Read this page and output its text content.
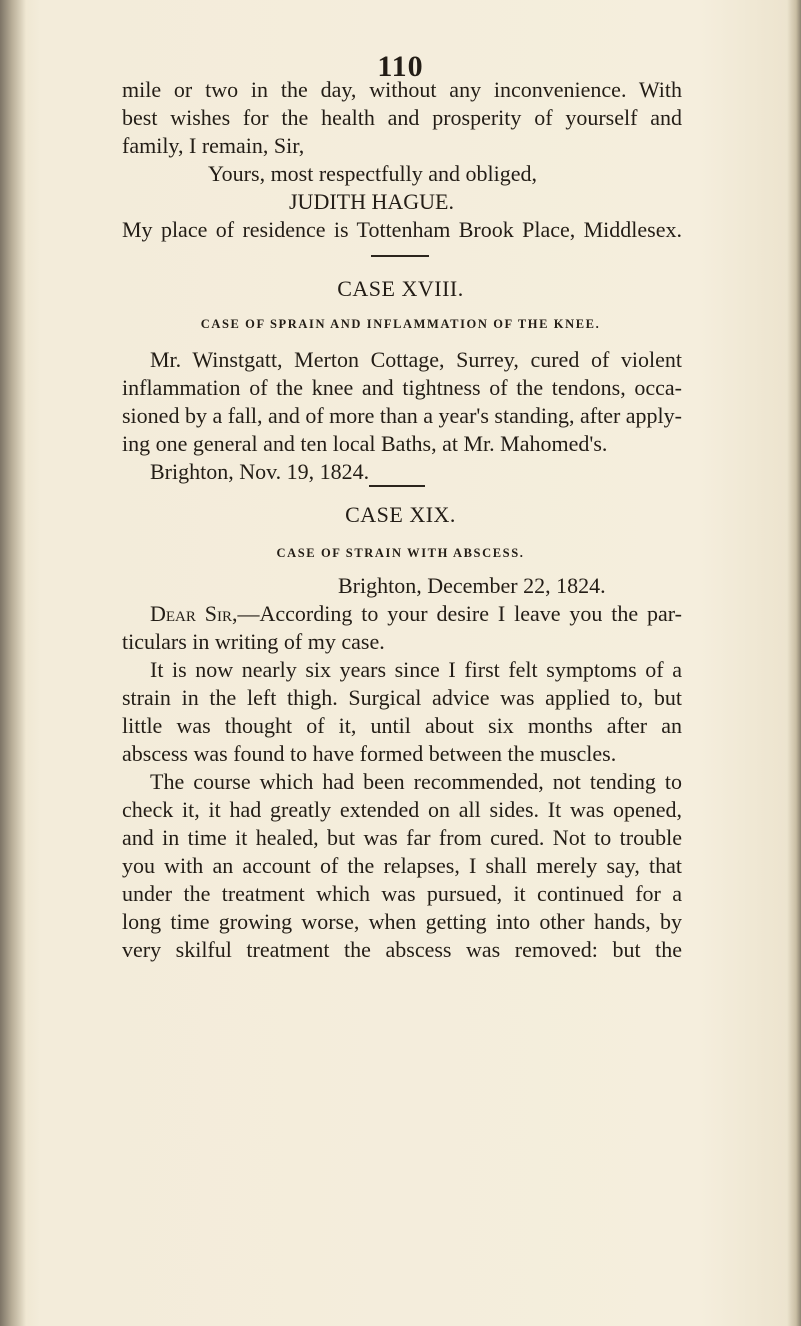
110
mile or two in the day, without any inconvenience. With
best wishes for the health and prosperity of yourself and
family, I remain, Sir,
Yours, most respectfully and obliged,
JUDITH HAGUE.
My place of residence is Tottenham Brook Place, Middlesex.
CASE XVIII.
CASE OF SPRAIN AND INFLAMMATION OF THE KNEE.
Mr. Winstgatt, Merton Cottage, Surrey, cured of violent
inflammation of the knee and tightness of the tendons, occa-
sioned by a fall, and of more than a year's standing, after apply-
ing one general and ten local Baths, at Mr. Mahomed's.
Brighton, Nov. 19, 1824.
CASE XIX.
CASE OF STRAIN WITH ABSCESS.
Brighton, December 22, 1824.
Dear Sir,—According to your desire I leave you the par-
ticulars in writing of my case.
It is now nearly six years since I first felt symptoms of a
strain in the left thigh. Surgical advice was applied to, but
little was thought of it, until about six months after an
abscess was found to have formed between the muscles.
The course which had been recommended, not tending to
check it, it had greatly extended on all sides. It was opened,
and in time it healed, but was far from cured. Not to trouble
you with an account of the relapses, I shall merely say, that
under the treatment which was pursued, it continued for a
long time growing worse, when getting into other hands, by
very skilful treatment the abscess was removed: but the
